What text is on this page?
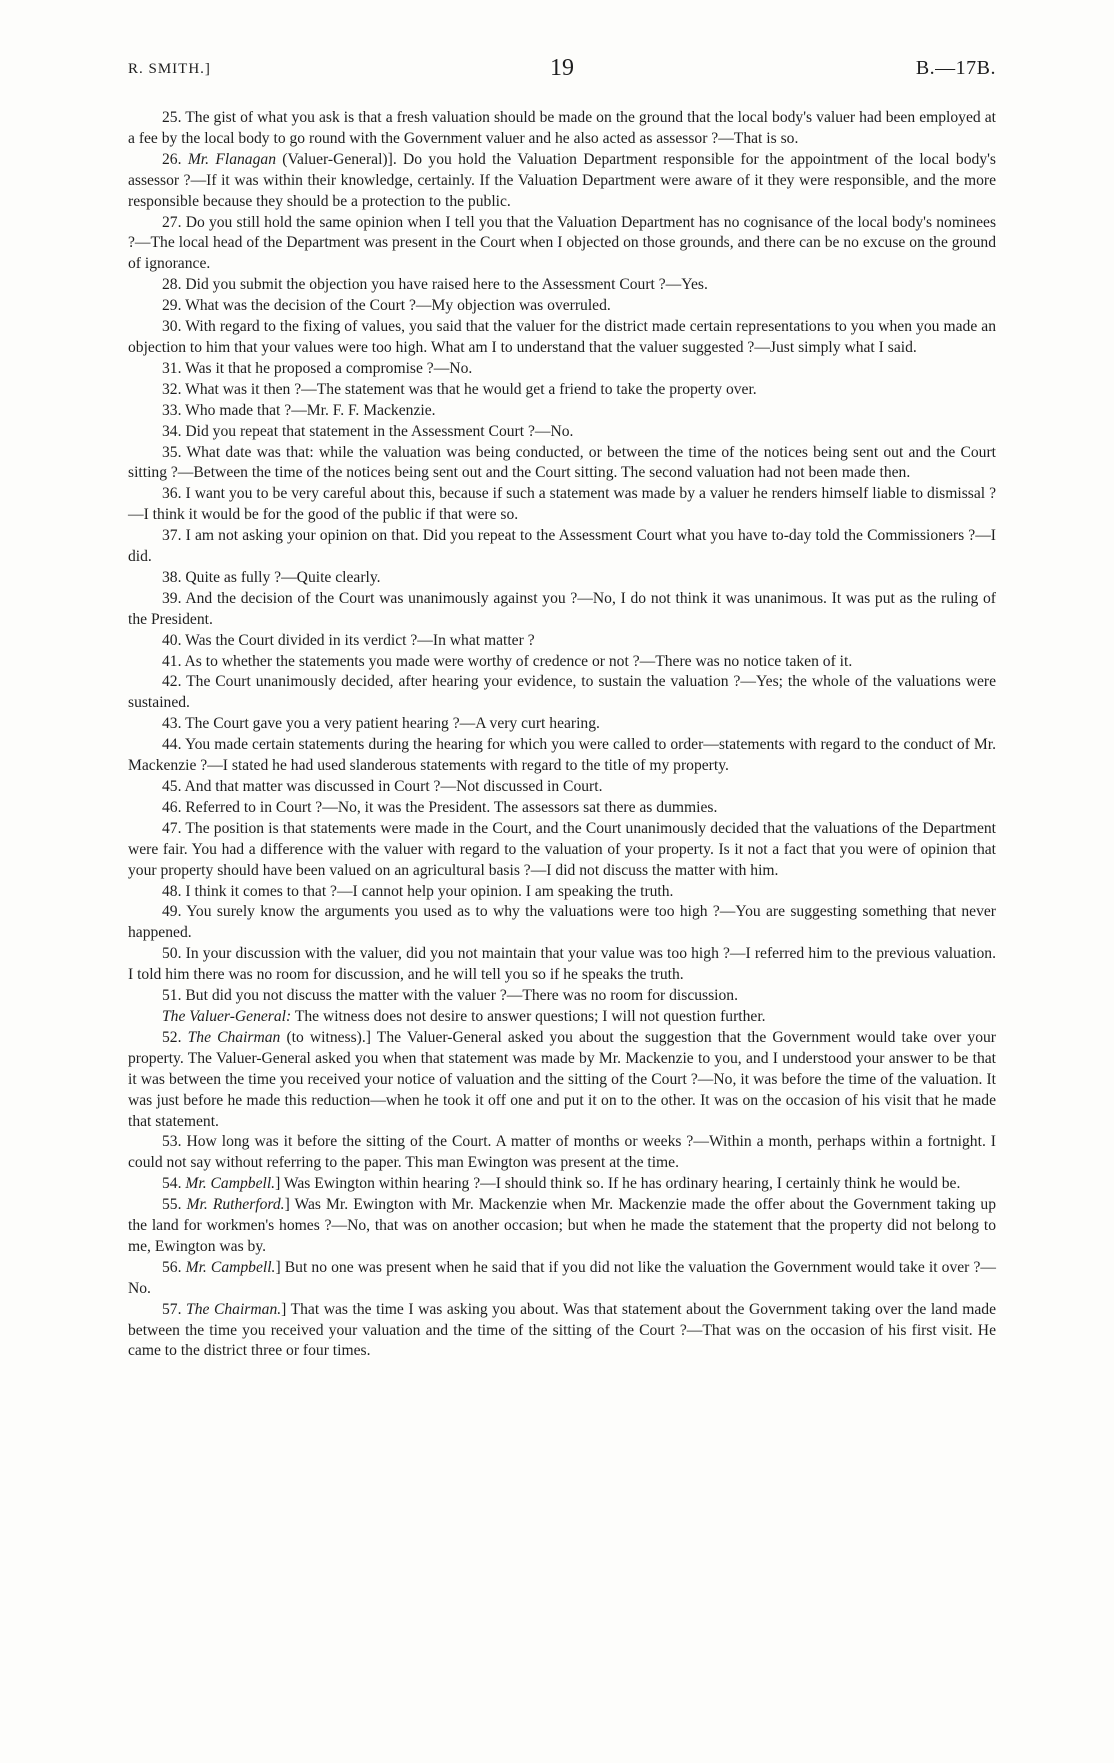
R. SMITH.]	19	B.—17B.

25. The gist of what you ask is that a fresh valuation should be made on the ground that the local body's valuer had been employed at a fee by the local body to go round with the Government valuer and he also acted as assessor ?—That is so.

26. Mr. Flanagan (Valuer-General)]. Do you hold the Valuation Department responsible for the appointment of the local body's assessor ?—If it was within their knowledge, certainly. If the Valuation Department were aware of it they were responsible, and the more responsible because they should be a protection to the public.

27. Do you still hold the same opinion when I tell you that the Valuation Department has no cognisance of the local body's nominees ?—The local head of the Department was present in the Court when I objected on those grounds, and there can be no excuse on the ground of ignorance.

28. Did you submit the objection you have raised here to the Assessment Court ?—Yes.

29. What was the decision of the Court ?—My objection was overruled.

30. With regard to the fixing of values, you said that the valuer for the district made certain representations to you when you made an objection to him that your values were too high. What am I to understand that the valuer suggested ?—Just simply what I said.

31. Was it that he proposed a compromise ?—No.

32. What was it then ?—The statement was that he would get a friend to take the property over.

33. Who made that ?—Mr. F. F. Mackenzie.

34. Did you repeat that statement in the Assessment Court ?—No.

35. What date was that: while the valuation was being conducted, or between the time of the notices being sent out and the Court sitting ?—Between the time of the notices being sent out and the Court sitting. The second valuation had not been made then.

36. I want you to be very careful about this, because if such a statement was made by a valuer he renders himself liable to dismissal ?—I think it would be for the good of the public if that were so.

37. I am not asking your opinion on that. Did you repeat to the Assessment Court what you have to-day told the Commissioners ?—I did.

38. Quite as fully ?—Quite clearly.

39. And the decision of the Court was unanimously against you ?—No, I do not think it was unanimous. It was put as the ruling of the President.

40. Was the Court divided in its verdict ?—In what matter ?

41. As to whether the statements you made were worthy of credence or not ?—There was no notice taken of it.

42. The Court unanimously decided, after hearing your evidence, to sustain the valuation ?—Yes; the whole of the valuations were sustained.

43. The Court gave you a very patient hearing ?—A very curt hearing.

44. You made certain statements during the hearing for which you were called to order—statements with regard to the conduct of Mr. Mackenzie ?—I stated he had used slanderous statements with regard to the title of my property.

45. And that matter was discussed in Court ?—Not discussed in Court.

46. Referred to in Court ?—No, it was the President. The assessors sat there as dummies.

47. The position is that statements were made in the Court, and the Court unanimously decided that the valuations of the Department were fair. You had a difference with the valuer with regard to the valuation of your property. Is it not a fact that you were of opinion that your property should have been valued on an agricultural basis ?—I did not discuss the matter with him.

48. I think it comes to that ?—I cannot help your opinion. I am speaking the truth.

49. You surely know the arguments you used as to why the valuations were too high ?—You are suggesting something that never happened.

50. In your discussion with the valuer, did you not maintain that your value was too high ?—I referred him to the previous valuation. I told him there was no room for discussion, and he will tell you so if he speaks the truth.

51. But did you not discuss the matter with the valuer ?—There was no room for discussion.

The Valuer-General: The witness does not desire to answer questions; I will not question further.

52. The Chairman (to witness).] The Valuer-General asked you about the suggestion that the Government would take over your property. The Valuer-General asked you when that statement was made by Mr. Mackenzie to you, and I understood your answer to be that it was between the time you received your notice of valuation and the sitting of the Court ?—No, it was before the time of the valuation. It was just before he made this reduction—when he took it off one and put it on to the other. It was on the occasion of his visit that he made that statement.

53. How long was it before the sitting of the Court. A matter of months or weeks ?—Within a month, perhaps within a fortnight. I could not say without referring to the paper. This man Ewington was present at the time.

54. Mr. Campbell.] Was Ewington within hearing ?—I should think so. If he has ordinary hearing, I certainly think he would be.

55. Mr. Rutherford.] Was Mr. Ewington with Mr. Mackenzie when Mr. Mackenzie made the offer about the Government taking up the land for workmen's homes ?—No, that was on another occasion; but when he made the statement that the property did not belong to me, Ewington was by.

56. Mr. Campbell.] But no one was present when he said that if you did not like the valuation the Government would take it over ?—No.

57. The Chairman.] That was the time I was asking you about. Was that statement about the Government taking over the land made between the time you received your valuation and the time of the sitting of the Court ?—That was on the occasion of his first visit. He came to the district three or four times.
